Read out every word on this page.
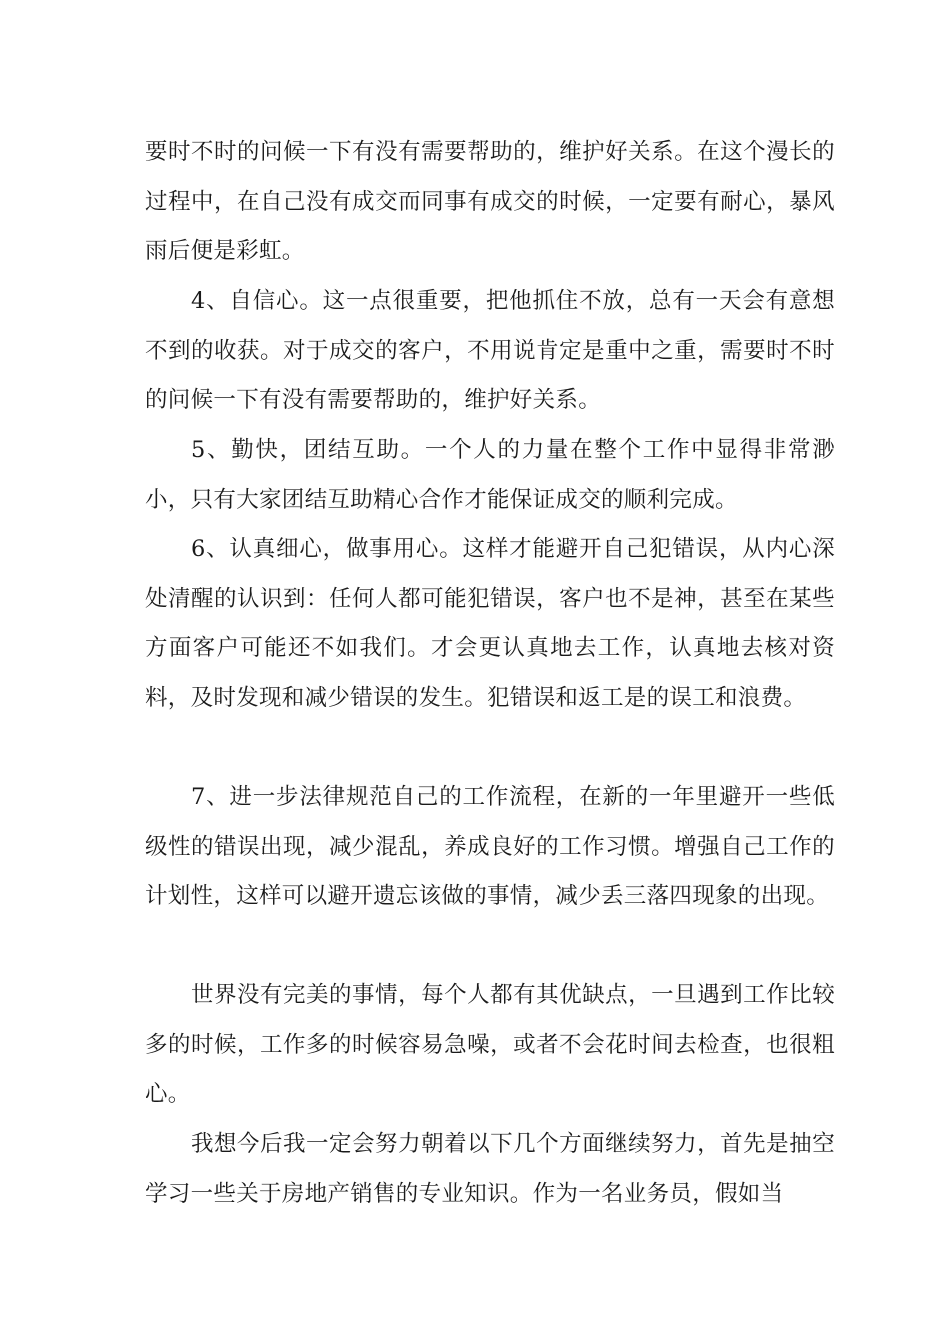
要时不时的问候一下有没有需要帮助的，维护好关系。在这个漫长的过程中，在自己没有成交而同事有成交的时候，一定要有耐心，暴风雨后便是彩虹。

4、自信心。这一点很重要，把他抓住不放，总有一天会有意想不到的收获。对于成交的客户，不用说肯定是重中之重，需要时不时的问候一下有没有需要帮助的，维护好关系。

5、勤快，团结互助。一个人的力量在整个工作中显得非常渺小，只有大家团结互助精心合作才能保证成交的顺利完成。

6、认真细心，做事用心。这样才能避开自己犯错误，从内心深处清醒的认识到：任何人都可能犯错误，客户也不是神，甚至在某些方面客户可能还不如我们。才会更认真地去工作，认真地去核对资料，及时发现和减少错误的发生。犯错误和返工是的误工和浪费。

7、进一步法律规范自己的工作流程，在新的一年里避开一些低级性的错误出现，减少混乱，养成良好的工作习惯。增强自己工作的计划性，这样可以避开遗忘该做的事情，减少丢三落四现象的出现。

世界没有完美的事情，每个人都有其优缺点，一旦遇到工作比较多的时候，工作多的时候容易急噪，或者不会花时间去检查，也很粗心。

我想今后我一定会努力朝着以下几个方面继续努力，首先是抽空学习一些关于房地产销售的专业知识。作为一名业务员，假如当
